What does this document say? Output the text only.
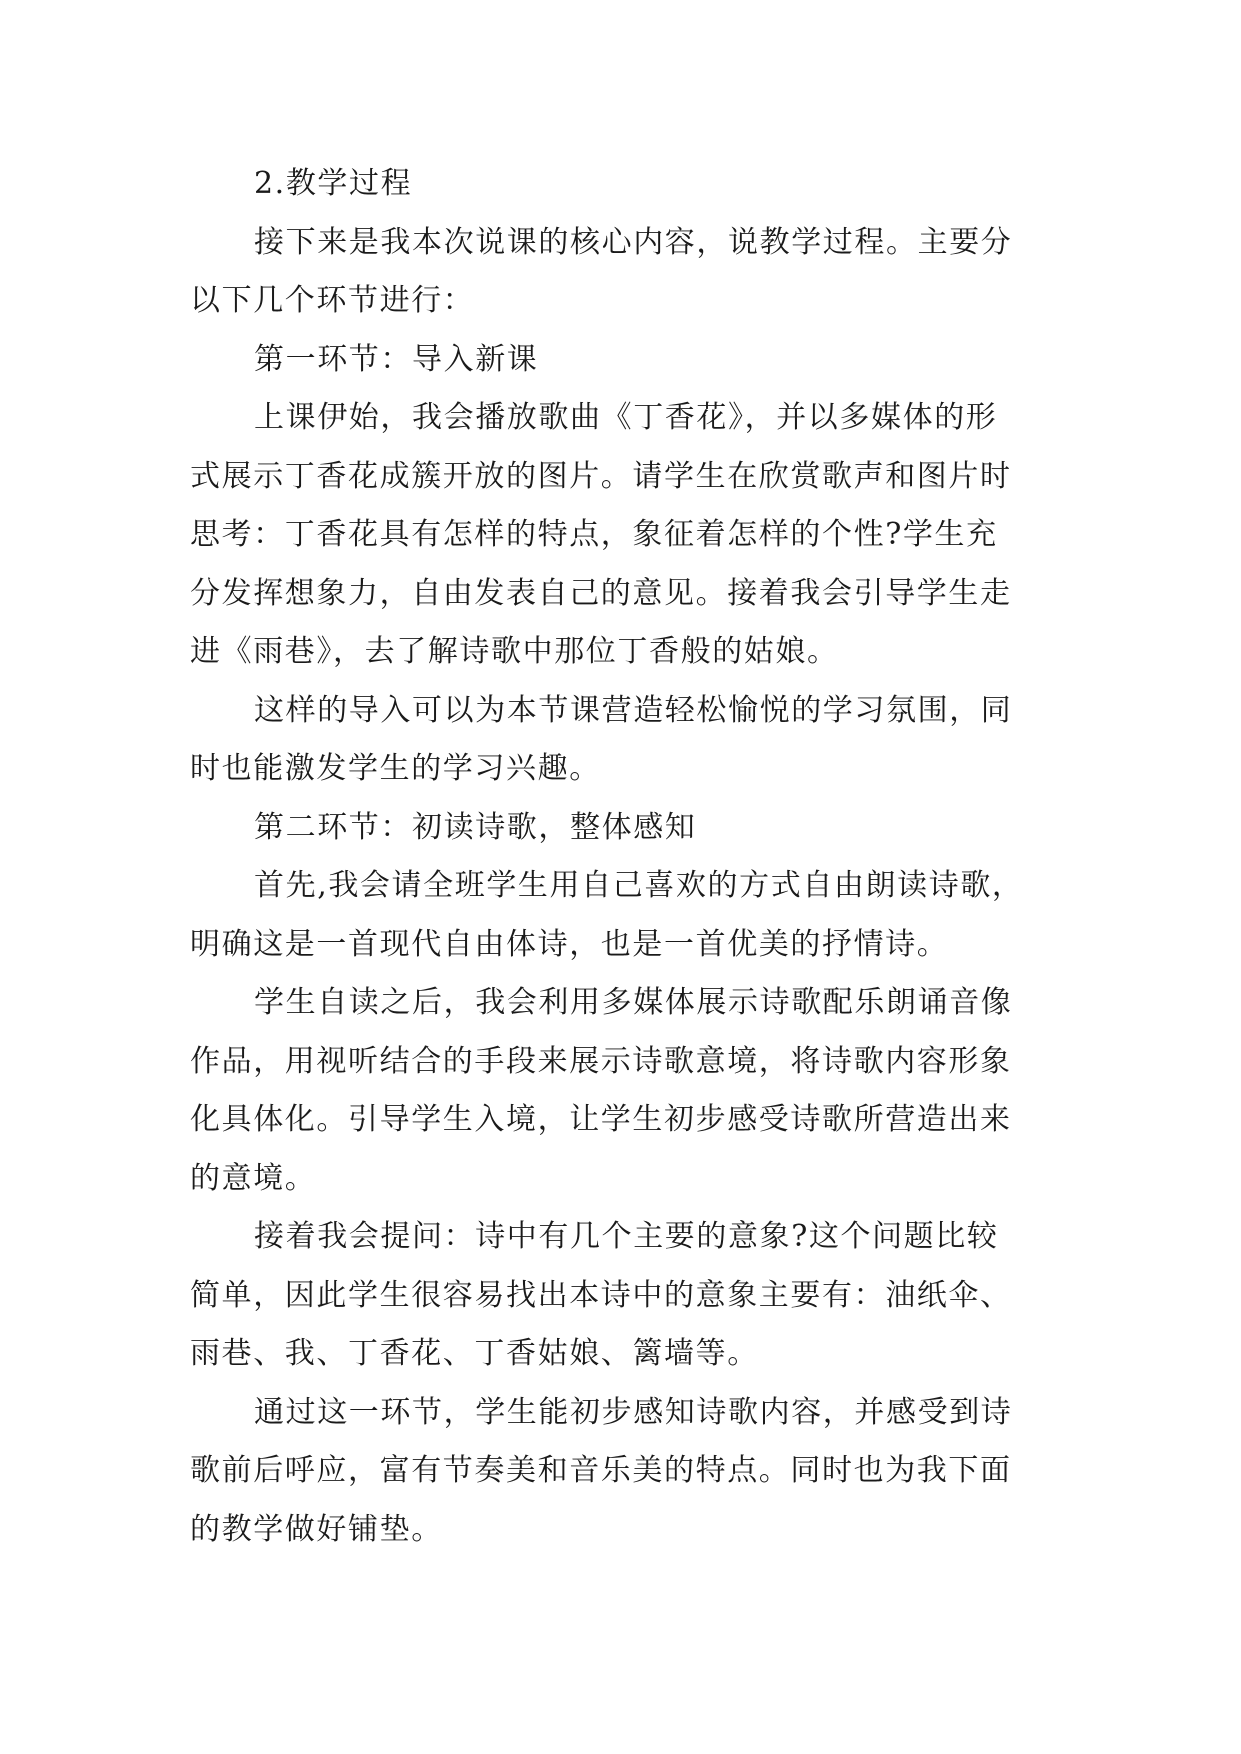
2.教学过程
接下来是我本次说课的核心内容，说教学过程。主要分
以下几个环节进行：
第一环节：导入新课
上课伊始，我会播放歌曲《丁香花》，并以多媒体的形
式展示丁香花成簇开放的图片。请学生在欣赏歌声和图片时
思考：丁香花具有怎样的特点，象征着怎样的个性?学生充
分发挥想象力，自由发表自己的意见。接着我会引导学生走
进《雨巷》，去了解诗歌中那位丁香般的姑娘。
这样的导入可以为本节课营造轻松愉悦的学习氛围，同
时也能激发学生的学习兴趣。
第二环节：初读诗歌，整体感知
首先,我会请全班学生用自己喜欢的方式自由朗读诗歌，
明确这是一首现代自由体诗，也是一首优美的抒情诗。
学生自读之后，我会利用多媒体展示诗歌配乐朗诵音像
作品，用视听结合的手段来展示诗歌意境，将诗歌内容形象
化具体化。引导学生入境，让学生初步感受诗歌所营造出来
的意境。
接着我会提问：诗中有几个主要的意象?这个问题比较
简单，因此学生很容易找出本诗中的意象主要有：油纸伞、
雨巷、我、丁香花、丁香姑娘、篱墙等。
通过这一环节，学生能初步感知诗歌内容，并感受到诗
歌前后呼应，富有节奏美和音乐美的特点。同时也为我下面
的教学做好铺垫。
